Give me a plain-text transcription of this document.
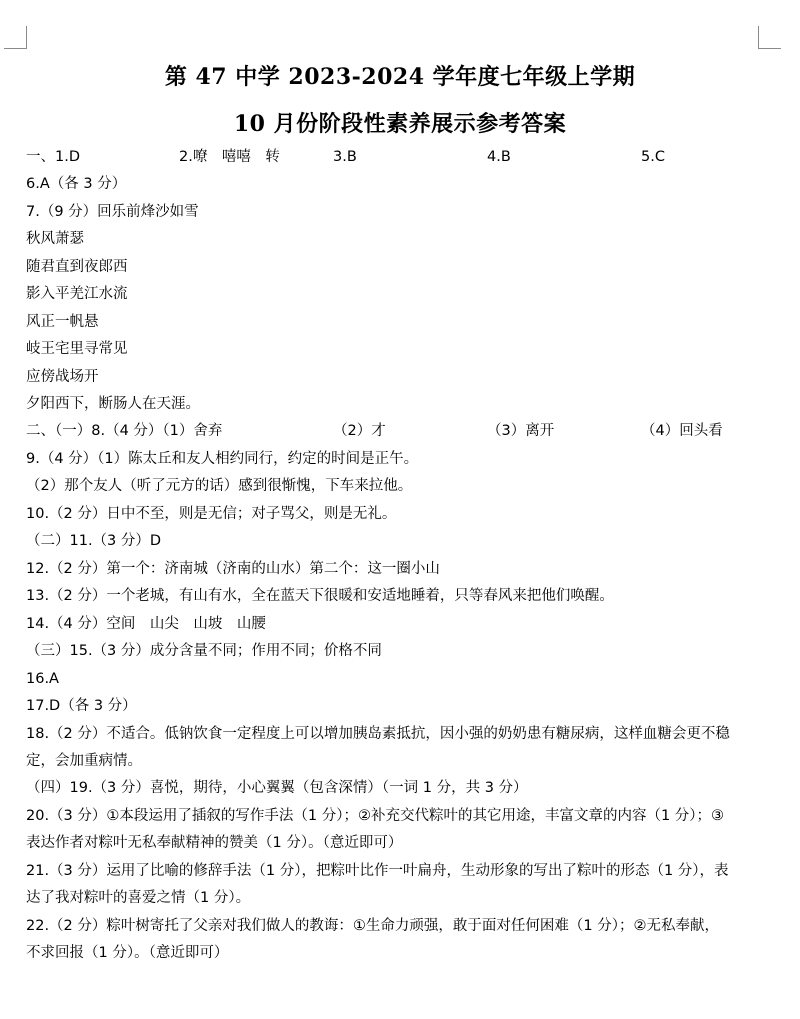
第 47 中学 2023-2024 学年度七年级上学期
10 月份阶段性素养展示参考答案
一、1.D	2.嘹　嘻嘻　转	3.B	4.B	5.C
6.A（各 3 分）
7.（9 分）回乐前烽沙如雪
秋风萧瑟
随君直到夜郎西
影入平羌江水流
风正一帆悬
岐王宅里寻常见
应傍战场开
夕阳西下，断肠人在天涯。
二、（一）8.（4 分）（1）舍弃	（2）才	（3）离开	（4）回头看
9.（4 分）（1）陈太丘和友人相约同行，约定的时间是正午。
（2）那个友人（听了元方的话）感到很惭愧，下车来拉他。
10.（2 分）日中不至，则是无信；对子骂父，则是无礼。
（二）11.（3 分）D
12.（2 分）第一个：济南城（济南的山水）第二个：这一圈小山
13.（2 分）一个老城，有山有水，全在蓝天下很暖和安适地睡着，只等春风来把他们唤醒。
14.（4 分）空间　山尖　山坡　山腰
（三）15.（3 分）成分含量不同；作用不同；价格不同
16.A
17.D（各 3 分）
18.（2 分）不适合。低钠饮食一定程度上可以增加胰岛素抵抗，因小强的奶奶患有糖尿病，这样血糖会更不稳
定，会加重病情。
（四）19.（3 分）喜悦，期待，小心翼翼（包含深情）（一词 1 分，共 3 分）
20.（3 分）①本段运用了插叙的写作手法（1 分）；②补充交代粽叶的其它用途，丰富文章的内容（1 分）；③
表达作者对粽叶无私奉献精神的赞美（1 分）。（意近即可）
21.（3 分）运用了比喻的修辞手法（1 分），把粽叶比作一叶扁舟，生动形象的写出了粽叶的形态（1 分），表
达了我对粽叶的喜爱之情（1 分）。
22.（2 分）粽叶树寄托了父亲对我们做人的教诲：①生命力顽强，敢于面对任何困难（1 分）；②无私奉献，
不求回报（1 分）。（意近即可）
